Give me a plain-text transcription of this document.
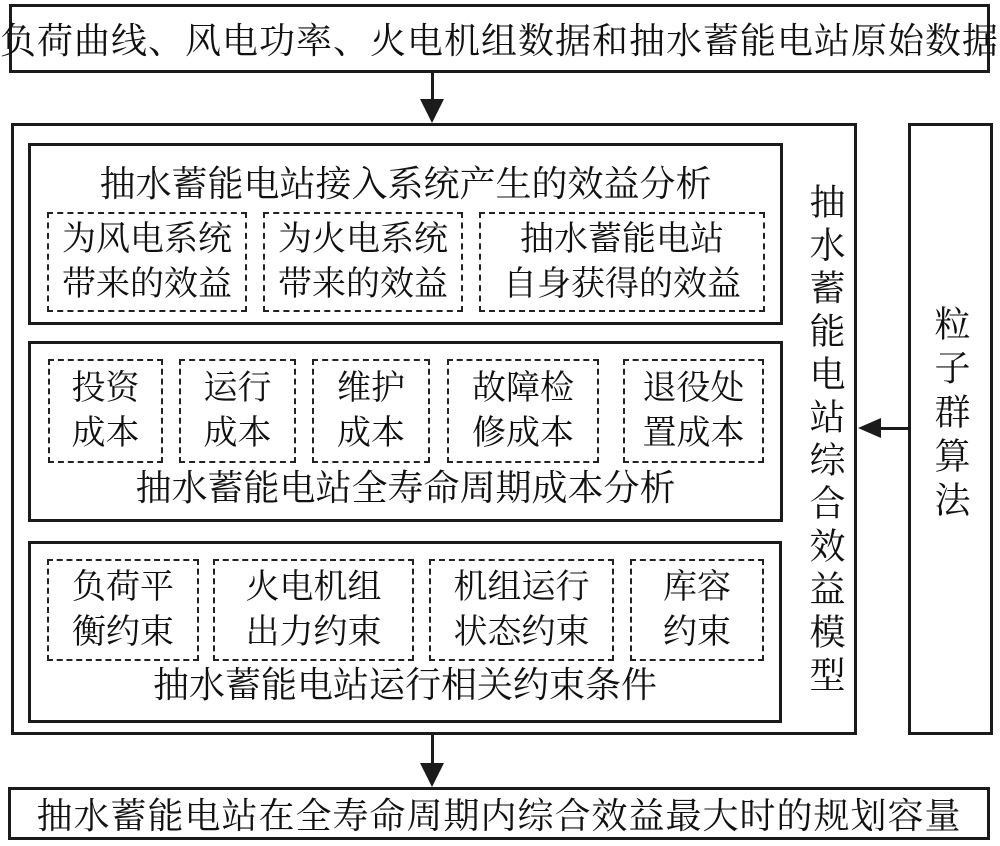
负荷曲线、风电功率、火电机组数据和抽水蓄能电站原始数据
抽水蓄能电站接入系统产生的效益分析
为风电系统
带来的效益
为火电系统
带来的效益
抽水蓄能电站
自身获得的效益
投资
成本
运行
成本
维护
成本
故障检
修成本
退役处
置成本
抽水蓄能电站全寿命周期成本分析
负荷平
衡约束
火电机组
出力约束
机组运行
状态约束
库容
约束
抽水蓄能电站运行相关约束条件	抽水蓄能电站综合效益模型 粒子群算法
抽水蓄能电站在全寿命周期内综合效益最大时的规划容量
